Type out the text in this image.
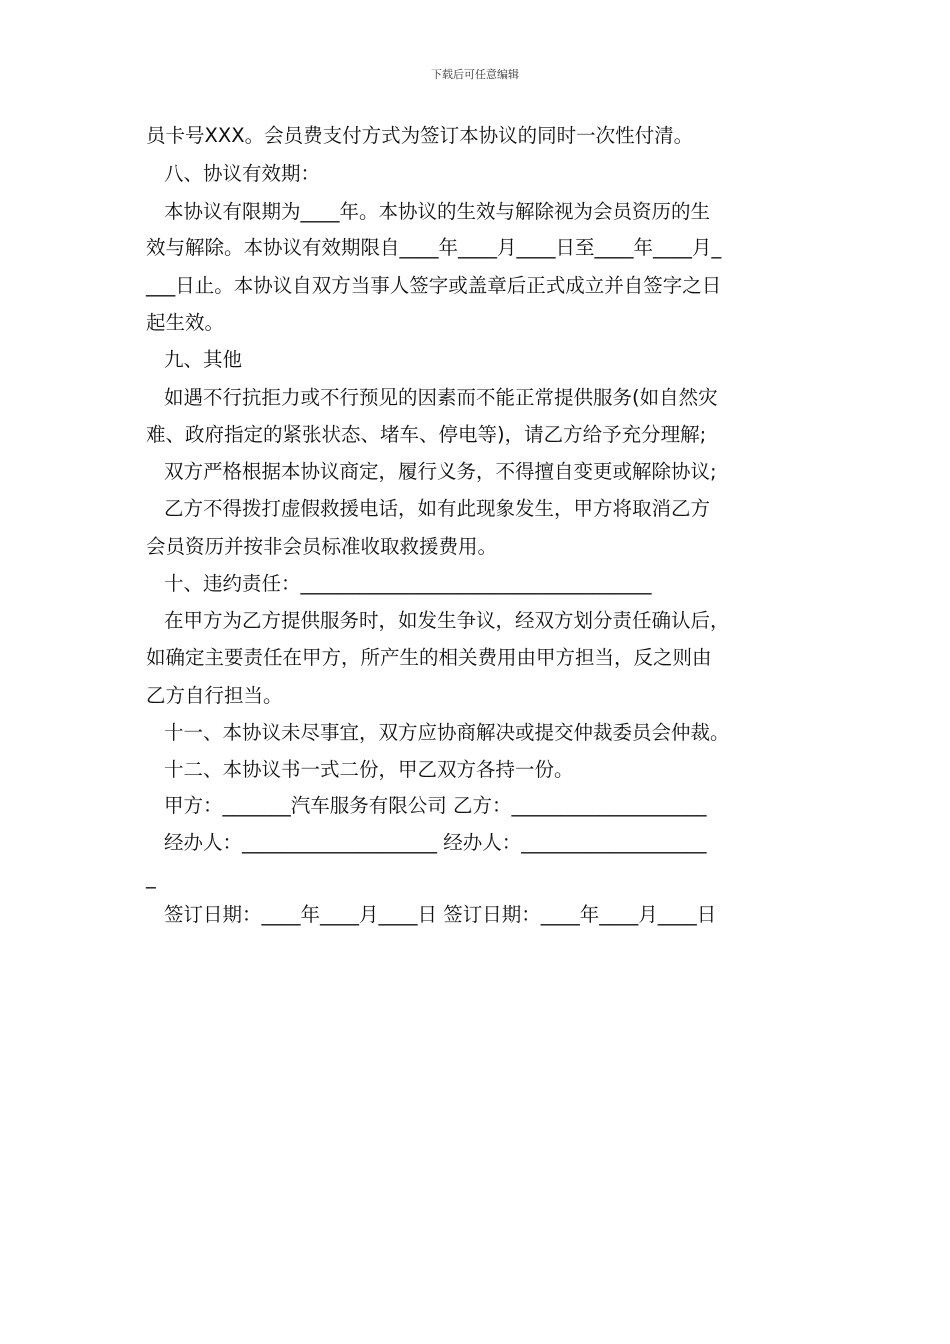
下载后可任意编辑
员卡号XXX。会员费支付方式为签订本协议的同时一次性付清。
八、协议有效期：
本协议有限期为____年。本协议的生效与解除视为会员资历的生
效与解除。本协议有效期限自____年____月____日至____年____月_
___日止。本协议自双方当事人签字或盖章后正式成立并自签字之日
起生效。
九、其他
如遇不行抗拒力或不行预见的因素而不能正常提供服务(如自然灾
难、政府指定的紧张状态、堵车、停电等)，请乙方给予充分理解;
双方严格根据本协议商定，履行义务，不得擅自变更或解除协议;
乙方不得拨打虚假救援电话，如有此现象发生，甲方将取消乙方
会员资历并按非会员标准收取救援费用。
十、违约责任：____________________________________
在甲方为乙方提供服务时，如发生争议，经双方划分责任确认后，
如确定主要责任在甲方，所产生的相关费用由甲方担当，反之则由
乙方自行担当。
十一、本协议未尽事宜，双方应协商解决或提交仲裁委员会仲裁。
十二、本协议书一式二份，甲乙双方各持一份。
甲方：_______汽车服务有限公司 乙方：____________________
经办人：____________________ 经办人：___________________
_
签订日期：____年____月____日 签订日期：____年____月____日
